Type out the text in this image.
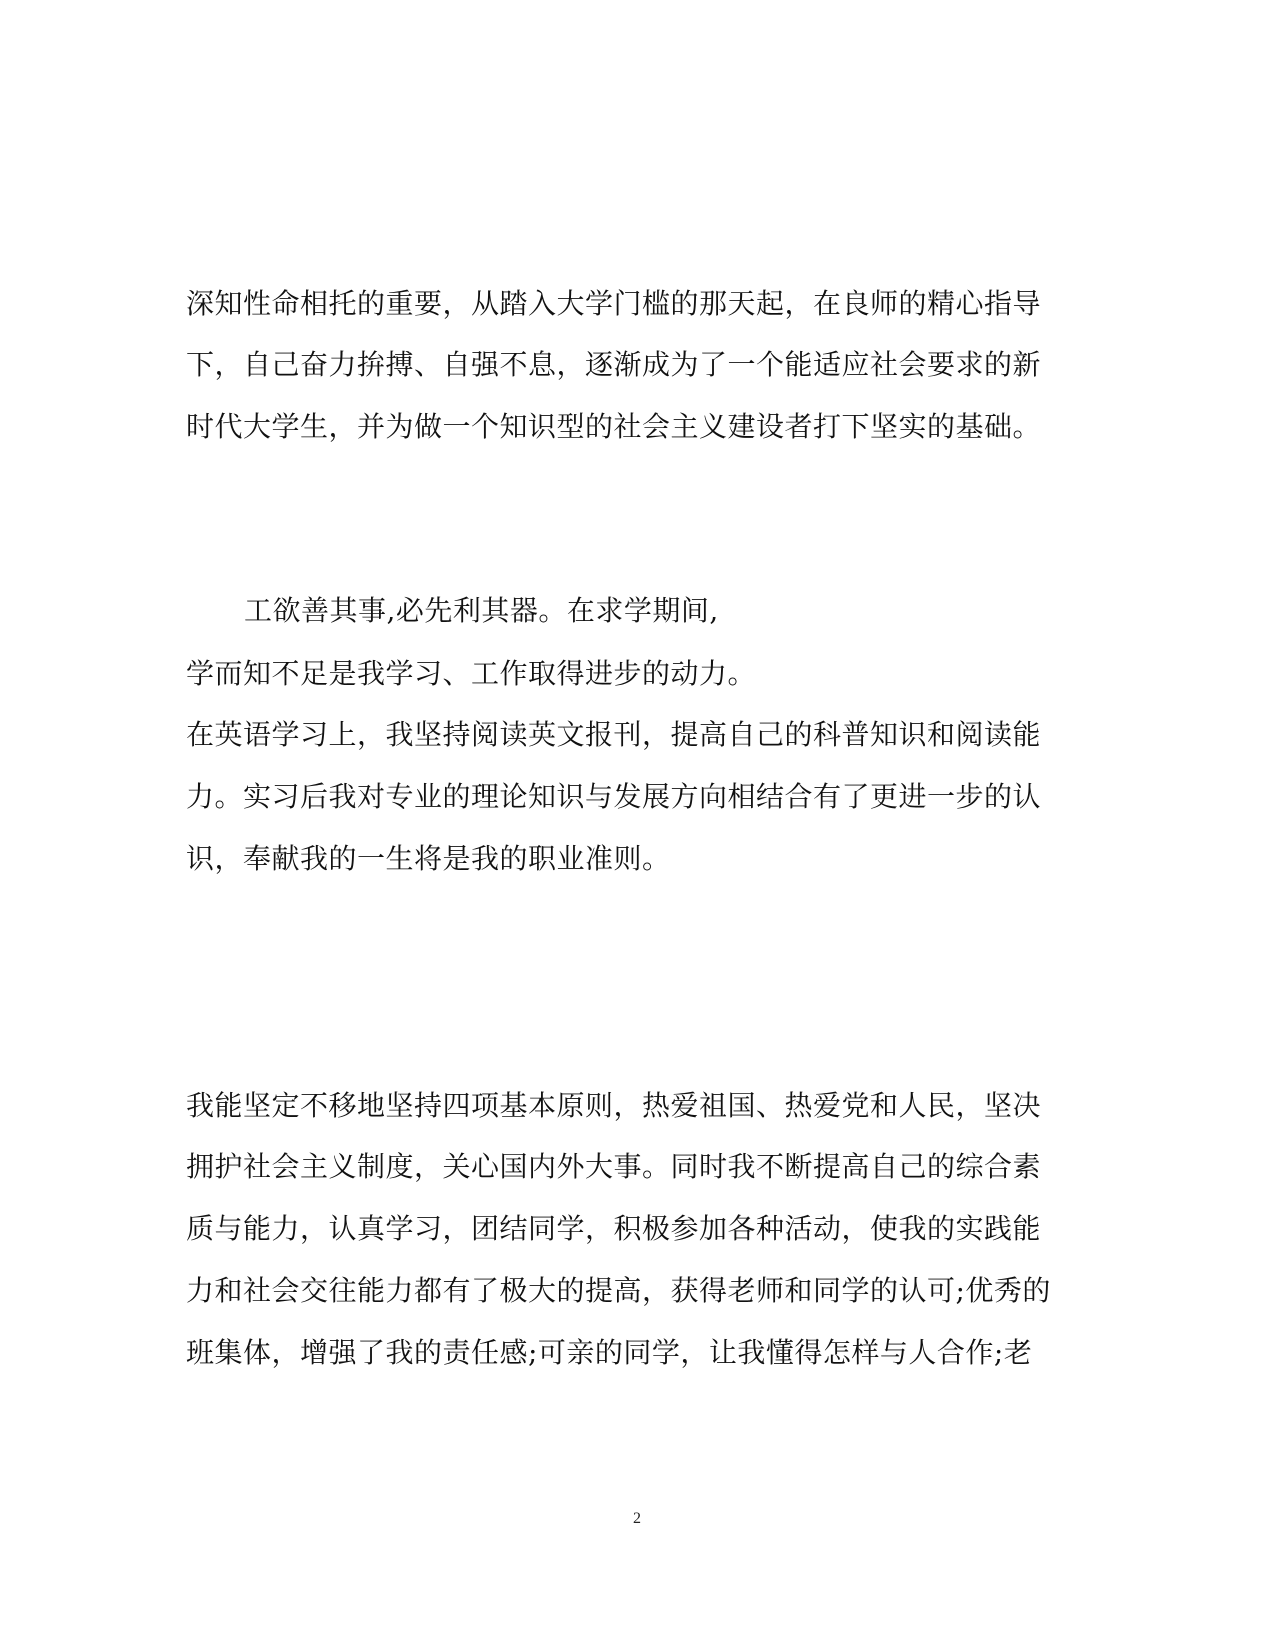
深知性命相托的重要，从踏入大学门槛的那天起，在良师的精心指导
下，自己奋力拚搏、自强不息，逐渐成为了一个能适应社会要求的新
时代大学生，并为做一个知识型的社会主义建设者打下坚实的基础。
工欲善其事,必先利其器。在求学期间,
学而知不足是我学习、工作取得进步的动力。
在英语学习上，我坚持阅读英文报刊，提高自己的科普知识和阅读能
力。实习后我对专业的理论知识与发展方向相结合有了更进一步的认
识，奉献我的一生将是我的职业准则。
我能坚定不移地坚持四项基本原则，热爱祖国、热爱党和人民，坚决
拥护社会主义制度，关心国内外大事。同时我不断提高自己的综合素
质与能力，认真学习，团结同学，积极参加各种活动，使我的实践能
力和社会交往能力都有了极大的提高，获得老师和同学的认可;优秀的
班集体，增强了我的责任感;可亲的同学，让我懂得怎样与人合作;老
2
